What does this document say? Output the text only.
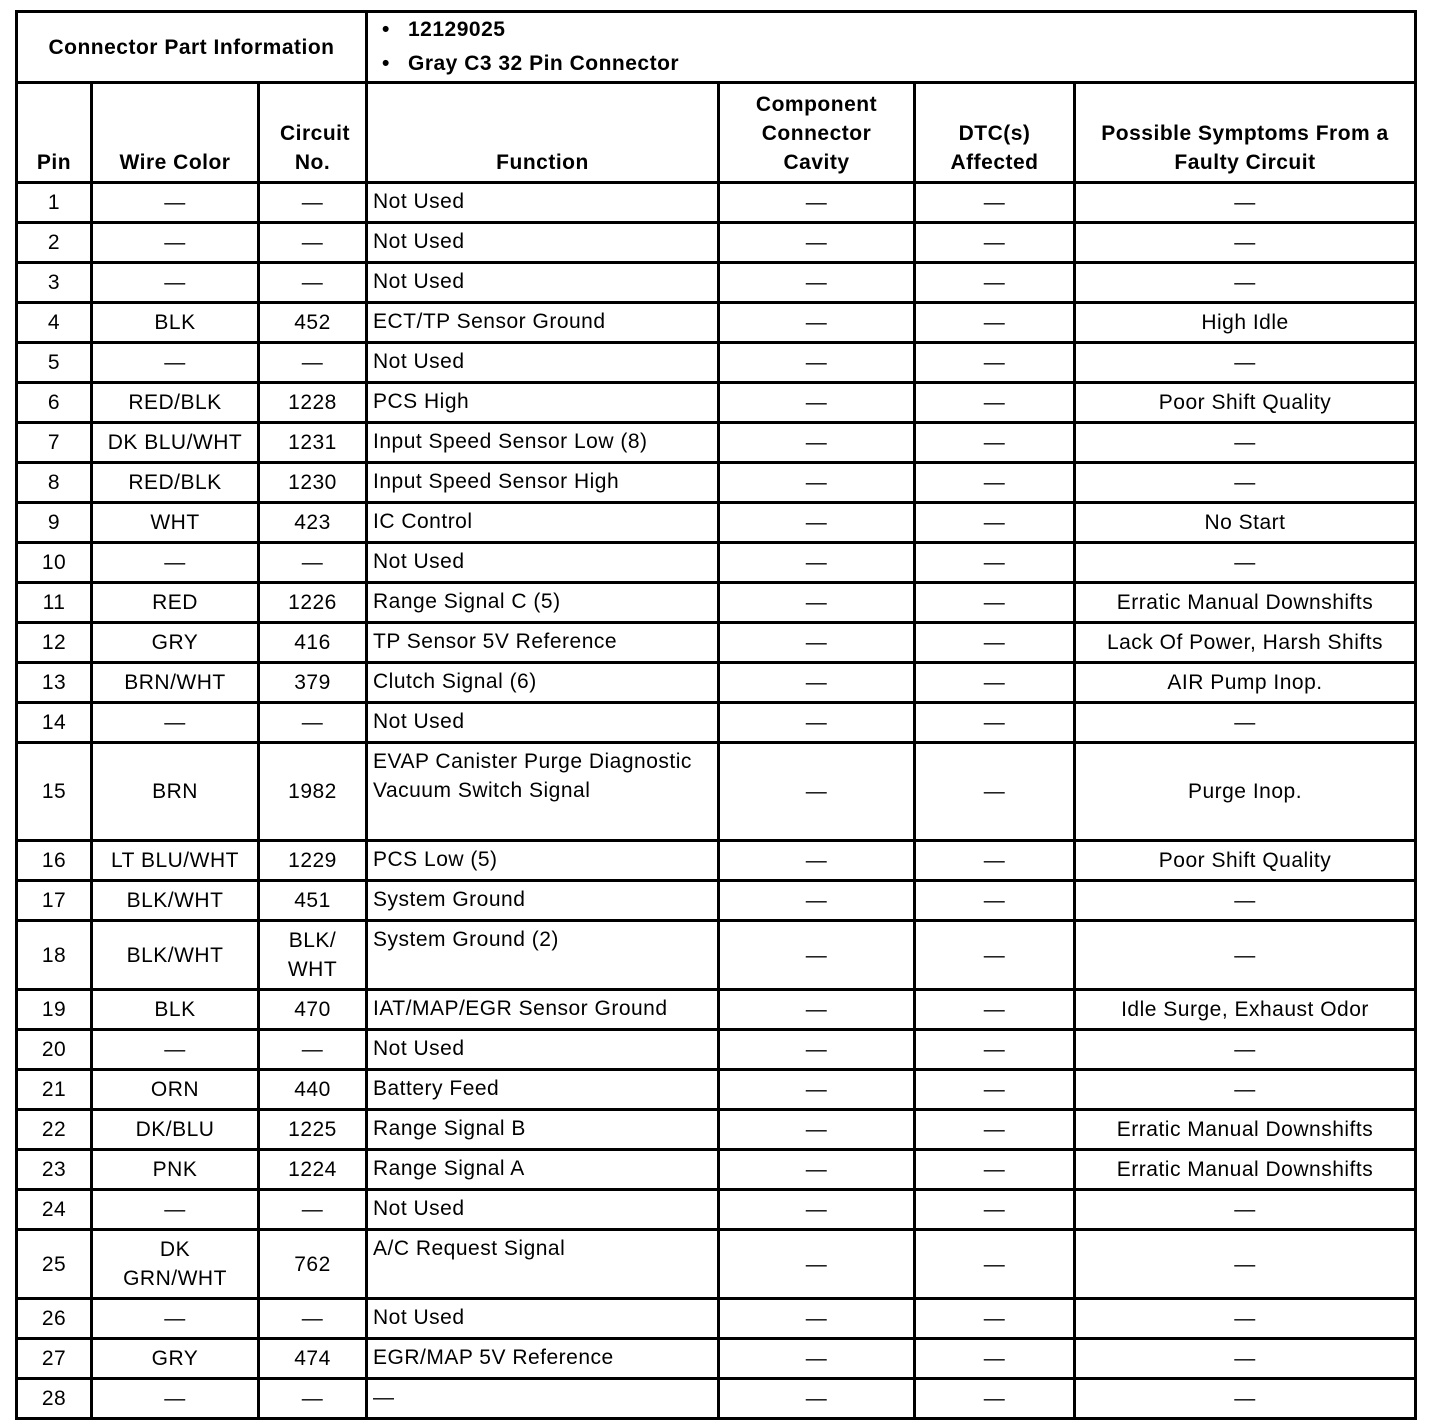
Connector Part Information			• 12129025
• Gray C3 32 Pin Connector

Pin	Wire Color	Circuit No.	Function	Component Connector Cavity	DTC(s) Affected	Possible Symptoms From a Faulty Circuit
1	—	—	Not Used	—	—	—
2	—	—	Not Used	—	—	—
3	—	—	Not Used	—	—	—
4	BLK	452	ECT/TP Sensor Ground	—	—	High Idle
5	—	—	Not Used	—	—	—
6	RED/BLK	1228	PCS High	—	—	Poor Shift Quality
7	DK BLU/WHT	1231	Input Speed Sensor Low (8)	—	—	—
8	RED/BLK	1230	Input Speed Sensor High	—	—	—
9	WHT	423	IC Control	—	—	No Start
10	—	—	Not Used	—	—	—
11	RED	1226	Range Signal C (5)	—	—	Erratic Manual Downshifts
12	GRY	416	TP Sensor 5V Reference	—	—	Lack Of Power, Harsh Shifts
13	BRN/WHT	379	Clutch Signal (6)	—	—	AIR Pump Inop.
14	—	—	Not Used	—	—	—
15	BRN	1982	EVAP Canister Purge Diagnostic Vacuum Switch Signal	—	—	Purge Inop.
16	LT BLU/WHT	1229	PCS Low (5)	—	—	Poor Shift Quality
17	BLK/WHT	451	System Ground	—	—	—
18	BLK/WHT	BLK/ WHT	System Ground (2)	—	—	—
19	BLK	470	IAT/MAP/EGR Sensor Ground	—	—	Idle Surge, Exhaust Odor
20	—	—	Not Used	—	—	—
21	ORN	440	Battery Feed	—	—	—
22	DK/BLU	1225	Range Signal B	—	—	Erratic Manual Downshifts
23	PNK	1224	Range Signal A	—	—	Erratic Manual Downshifts
24	—	—	Not Used	—	—	—
25	DK GRN/WHT	762	A/C Request Signal	—	—	—
26	—	—	Not Used	—	—	—
27	GRY	474	EGR/MAP 5V Reference	—	—	—
28	—	—	—	—	—	—
